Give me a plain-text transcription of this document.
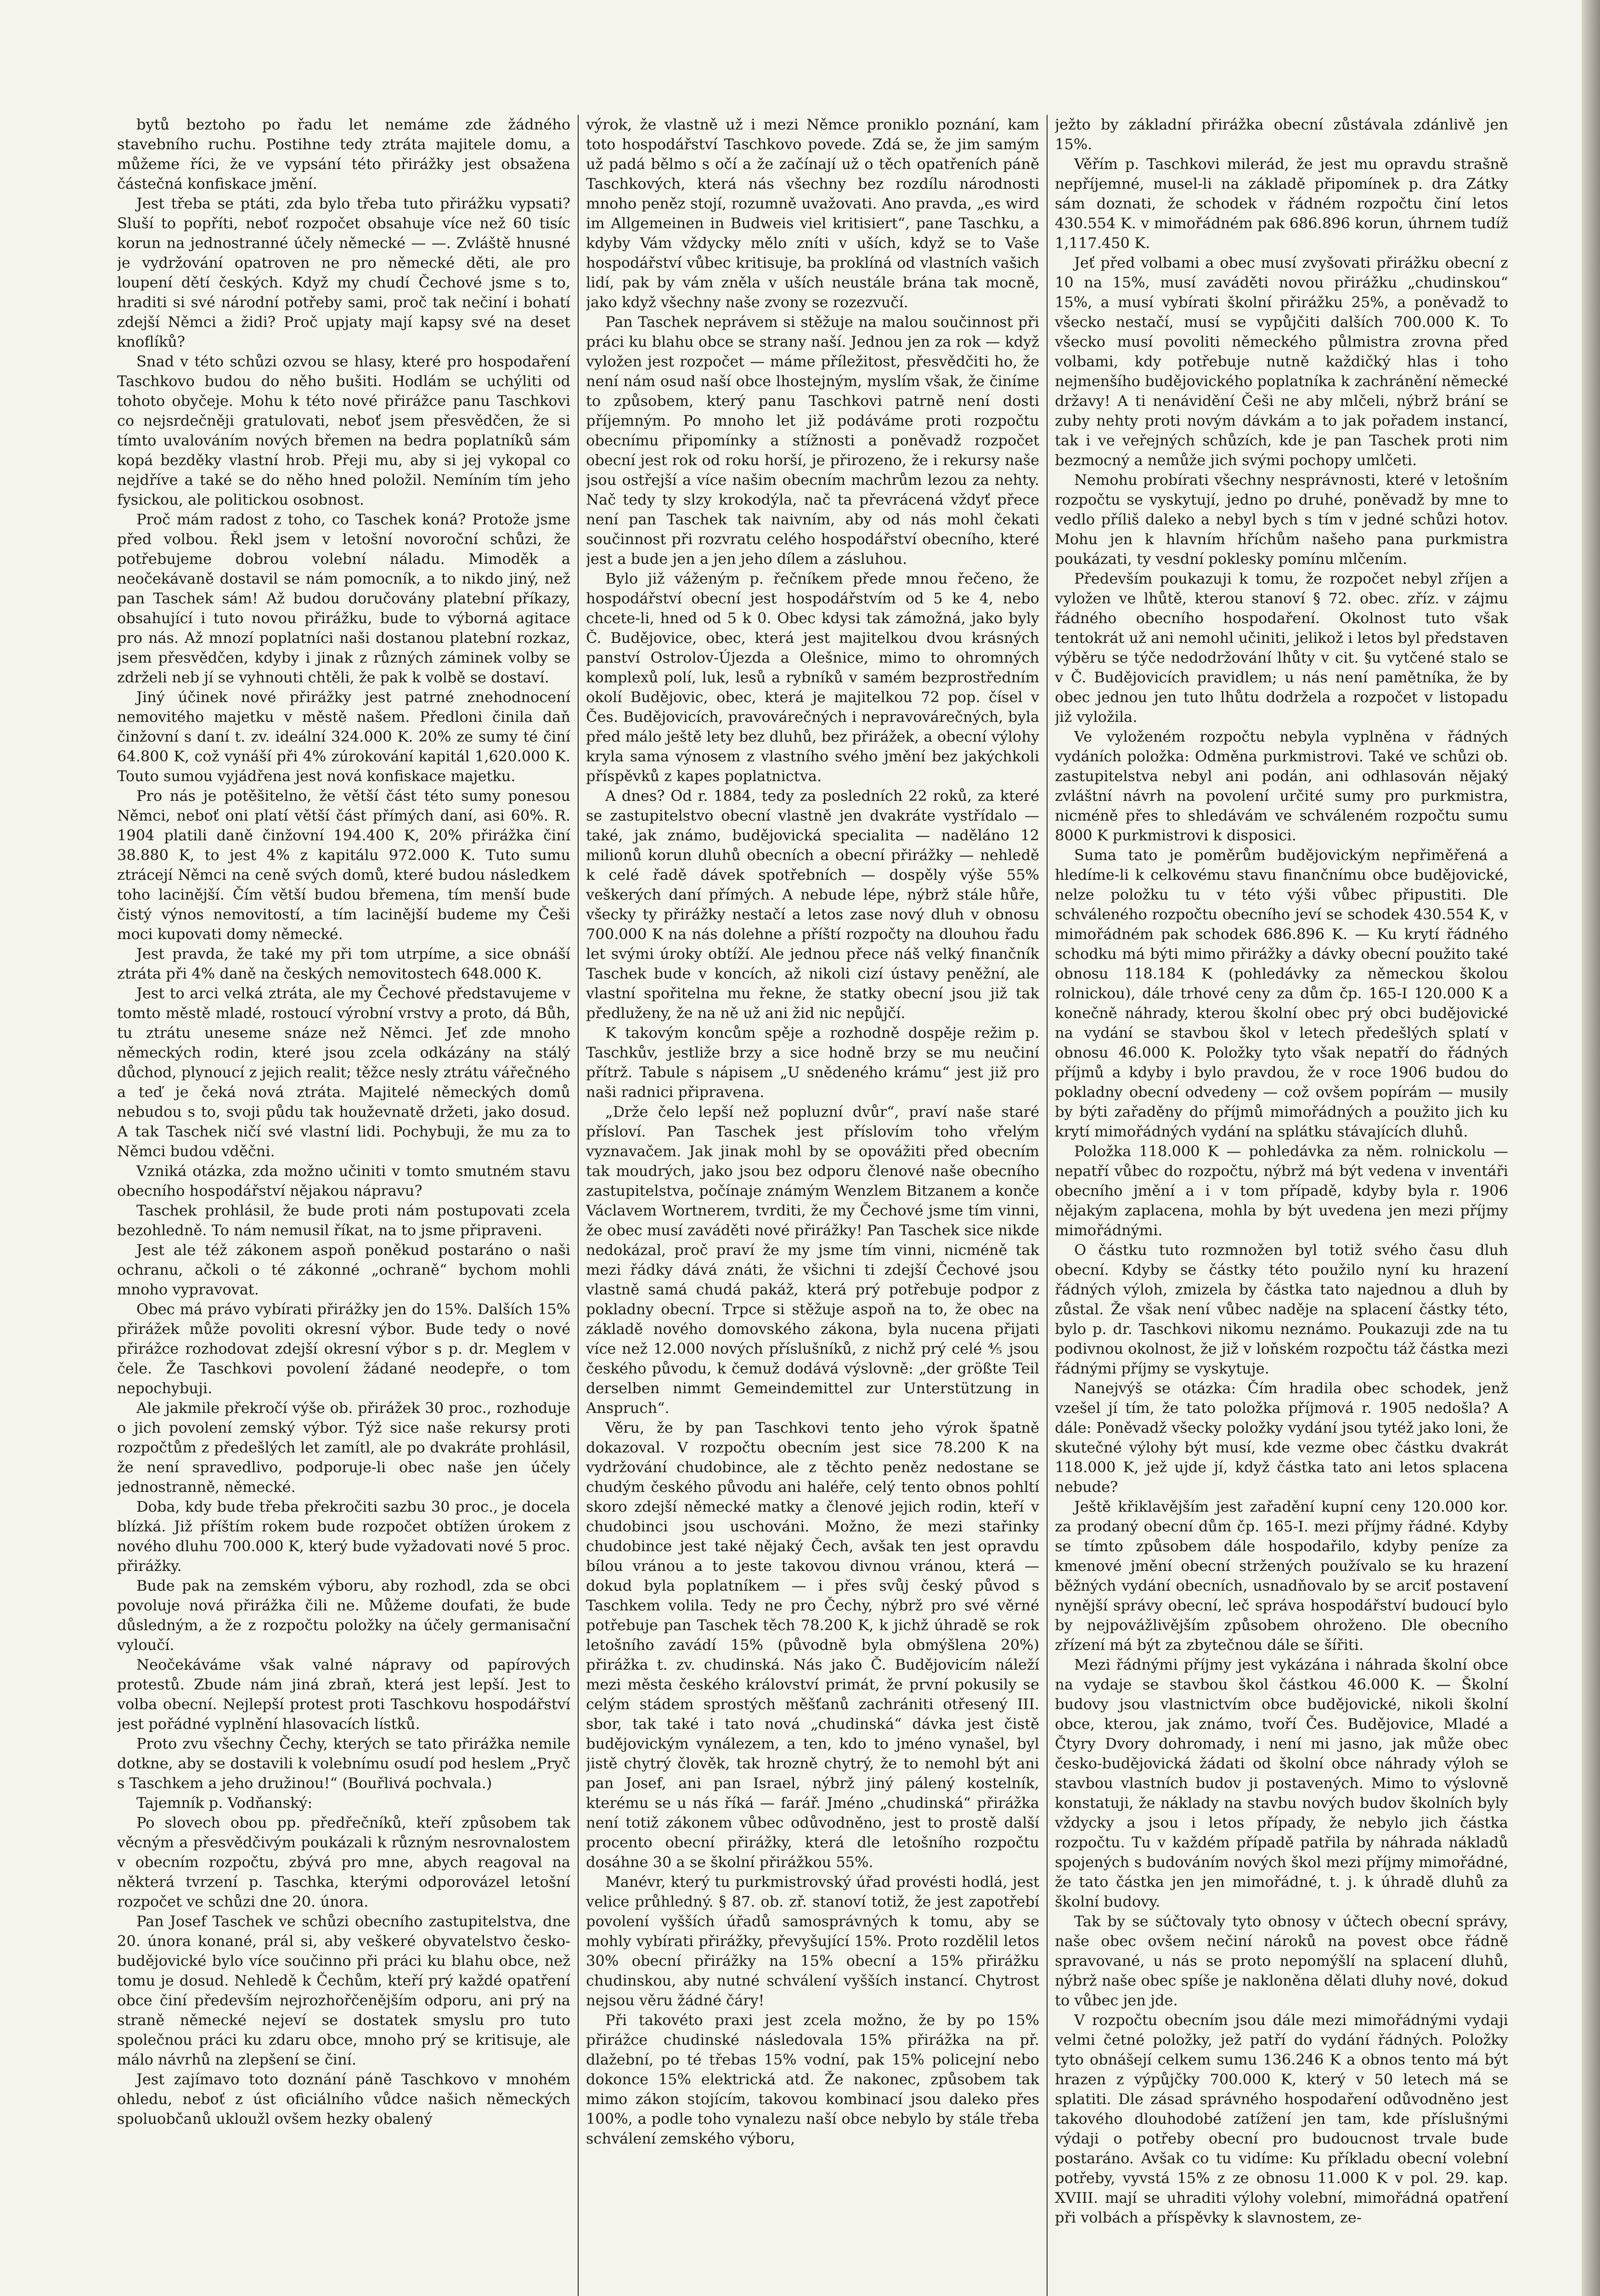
bytů beztoho po řadu let nemáme zde žádného stavebního ruchu. Postihne tedy ztráta majitele domu, a můžeme říci, že ve vypsání této přirážky jest obsažena částečná konfiskace jmění.

Jest třeba se ptáti, zda bylo třeba tuto přirážku vypsati? Sluší to popříti, neboť rozpočet obsahuje více než 60 tisíc korun na jednostranné účely německé — —. Zvláště hnusné je vydržování opatroven ne pro německé děti, ale pro loupení dětí českých. Když my chudí Čechové jsme s to, hraditi si své národní potřeby sami, proč tak nečiní i bohatí zdejší Němci a židi? Proč upjaty mají kapsy své na deset knoflíků?

Snad v této schůzi ozvou se hlasy, které pro hospodaření Taschkovo budou do něho bušiti. Hodlám se uchýliti od tohoto obyčeje. Mohu k této nové přirážce panu Taschkovi co nejsrdečněji gratulovati, neboť jsem přesvědčen, že si tímto uvalováním nových břemen na bedra poplatníků sám kopá bezděky vlastní hrob. Přeji mu, aby si jej vykopal co nejdříve a také se do něho hned položil. Nemíním tím jeho fysickou, ale politickou osobnost.

Proč mám radost z toho, co Taschek koná? Protože jsme před volbou. Řekl jsem v letošní novoroční schůzi, že potřebujeme dobrou volební náladu. Mimoděk a neočekávaně dostavil se nám pomocník, a to nikdo jiný, než pan Taschek sám! Až budou doručovány platební příkazy, obsahující i tuto novou přirážku, bude to výborná agitace pro nás. Až mnozí poplatníci naši dostanou platební rozkaz, jsem přesvědčen, kdyby i jinak z různých záminek volby se zdrželi neb jí se vyhnouti chtěli, že pak k volbě se dostaví.

Jiný účinek nové přirážky jest patrné znehodnocení nemovitého majetku v městě našem. Předloni činila daň činžovní s daní t. zv. ideální 324.000 K. 20% ze sumy té činí 64.800 K, což vynáší při 4% zúrokování kapitál 1,620.000 K. Touto sumou vyjádřena jest nová konfiskace majetku.

Pro nás je potěšitelno, že větší část této sumy ponesou Němci, neboť oni platí větší část přímých daní, asi 60%. R. 1904 platili daně činžovní 194.400 K, 20% přirážka činí 38.880 K, to jest 4% z kapitálu 972.000 K. Tuto sumu ztrácejí Němci na ceně svých domů, které budou následkem toho lacinější. Čím větší budou břemena, tím menší bude čistý výnos nemovitostí, a tím lacinější budeme my Češi moci kupovati domy německé.

Jest pravda, že také my při tom utrpíme, a sice obnáší ztráta při 4% daně na českých nemovitostech 648.000 K.

Jest to arci velká ztráta, ale my Čechové představujeme v tomto městě mladé, rostoucí výrobní vrstvy a proto, dá Bůh, tu ztrátu uneseme snáze než Němci. Jeť zde mnoho německých rodin, které jsou zcela odkázány na stálý důchod, plynoucí z jejich realit; těžce nesly ztrátu vářečného a teď je čeká nová ztráta. Majitelé německých domů nebudou s to, svoji půdu tak houževnatě držeti, jako dosud. A tak Taschek ničí své vlastní lidi. Pochybuji, že mu za to Němci budou vděčni.

Vzniká otázka, zda možno učiniti v tomto smutném stavu obecního hospodářství nějakou nápravu?

Taschek prohlásil, že bude proti nám postupovati zcela bezohledně. To nám nemusil říkat, na to jsme připraveni.

Jest ale též zákonem aspoň poněkud postaráno o naši ochranu, ačkoli o té zákonné „ochraně“ bychom mohli mnoho vypravovat.

Obec má právo vybírati přirážky jen do 15%. Dalších 15% přirážek může povoliti okresní výbor. Bude tedy o nové přirážce rozhodovat zdejší okresní výbor s p. dr. Meglem v čele. Že Taschkovi povolení žádané neodepře, o tom nepochybuji.

Ale jakmile překročí výše ob. přirážek 30 proc., rozhoduje o jich povolení zemský výbor. Týž sice naše rekursy proti rozpočtům z předešlých let zamítl, ale po dvakráte prohlásil, že není spravedlivo, podporuje-li obec naše jen účely jednostranně, německé.

Doba, kdy bude třeba překročiti sazbu 30 proc., je docela blízká. Již příštím rokem bude rozpočet obtížen úrokem z nového dluhu 700.000 K, který bude vyžadovati nové 5 proc. přirážky.

Bude pak na zemském výboru, aby rozhodl, zda se obci povoluje nová přirážka čili ne. Můžeme doufati, že bude důsledným, a že z rozpočtu položky na účely germanisační vyloučí.

Neočekáváme však valné nápravy od papírových protestů. Zbude nám jiná zbraň, která jest lepší. Jest to volba obecní. Nejlepší protest proti Taschkovu hospodářství jest pořádné vyplnění hlasovacích lístků.

Proto zvu všechny Čechy, kterých se tato přirážka nemile dotkne, aby se dostavili k volebnímu osudí pod heslem „Pryč s Taschkem a jeho družinou!“ (Bouřlivá pochvala.)

Tajemník p. Vodňanský:

Po slovech obou pp. předřečníků, kteří způsobem tak věcným a přesvědčivým poukázali k různým nesrovnalostem v obecním rozpočtu, zbývá pro mne, abych reagoval na některá tvrzení p. Taschka, kterými odporovázel letošní rozpočet ve schůzi dne 20. února.

Pan Josef Taschek ve schůzi obecního zastupitelstva, dne 20. února konané, prál si, aby veškeré obyvatelstvo česko-budějovické bylo více součinno při práci ku blahu obce, než tomu je dosud. Nehledě k Čechům, kteří prý každé opatření obce činí především nejrozhořčenějším odporu, ani prý na straně německé nejeví se dostatek smyslu pro tuto společnou práci ku zdaru obce, mnoho prý se kritisuje, ale málo návrhů na zlepšení se činí.

Jest zajímavo toto doznání páně Taschkovo v mnohém ohledu, neboť z úst oficiálního vůdce našich německých spoluobčanů ukloužl ovšem hezky obalený

výrok, že vlastně už i mezi Němce proniklo poznání, kam toto hospodářství Taschkovo povede. Zdá se, že jim samým už padá bělmo s očí a že začínají už o těch opatřeních páně Taschkových, která nás všechny bez rozdílu národnosti mnoho peněz stojí, rozumně uvažovati. Ano pravda, „es wird im Allgemeinen in Budweis viel kritisiert“, pane Taschku, a kdyby Vám vždycky mělo zníti v uších, když se to Vaše hospodářství vůbec kritisuje, ba proklíná od vlastních vašich lidí, pak by vám zněla v uších neustále brána tak mocně, jako když všechny naše zvony se rozezvučí.

Pan Taschek neprávem si stěžuje na malou součinnost při práci ku blahu obce se strany naší. Jednou jen za rok — když vyložen jest rozpočet — máme příležitost, přesvědčiti ho, že není nám osud naší obce lhostejným, myslím však, že činíme to způsobem, který panu Taschkovi patrně není dosti příjemným. Po mnoho let již podáváme proti rozpočtu obecnímu připomínky a stížnosti a poněvadž rozpočet obecní jest rok od roku horší, je přirozeno, že i rekursy naše jsou ostřejší a více našim obecním machrům lezou za nehty. Nač tedy ty slzy krokodýla, nač ta převrácená vždyť přece není pan Taschek tak naivním, aby od nás mohl čekati součinnost při rozvratu celého hospodářství obecního, které jest a bude jen a jen jeho dílem a zásluhou.

Bylo již váženým p. řečníkem přede mnou řečeno, že hospodářství obecní jest hospodářstvím od 5 ke 4, nebo chcete-li, hned od 5 k 0. Obec kdysi tak zámožná, jako byly Č. Budějovice, obec, která jest majitelkou dvou krásných panství Ostrolov-Újezda a Olešnice, mimo to ohromných komplexů polí, luk, lesů a rybníků v samém bezprostředním okolí Budějovic, obec, která je majitelkou 72 pop. čísel v Čes. Budějovicích, pravovárečných i nepravovárečných, byla před málo ještě lety bez dluhů, bez přirážek, a obecní výlohy kryla sama výnosem z vlastního svého jmění bez jakýchkoli příspěvků z kapes poplatnictva.

A dnes? Od r. 1884, tedy za posledních 22 roků, za které se zastupitelstvo obecní vlastně jen dvakráte vystřídalo — také, jak známo, budějovická specialita — naděláno 12 milionů korun dluhů obecních a obecní přirážky — nehledě k celé řadě dávek spotřebních — dospěly výše 55% veškerých daní přímých. A nebude lépe, nýbrž stále hůře, všecky ty přirážky nestačí a letos zase nový dluh v obnosu 700.000 K na nás dolehne a příští rozpočty na dlouhou řadu let svými úroky obtíží. Ale jednou přece náš velký finančník Taschek bude v koncích, až nikoli cizí ústavy peněžní, ale vlastní spořitelna mu řekne, že statky obecní jsou již tak předluženy, že na ně už ani žid nic nepůjčí.

K takovým koncům spěje a rozhodně dospěje režim p. Taschkův, jestliže brzy a sice hodně brzy se mu neučiní přítrž. Tabule s nápisem „U snědeného krámu“ jest již pro naši radnici připravena.

„Drže čelo lepší než popluzní dvůr“, praví naše staré přísloví. Pan Taschek jest příslovím toho vřelým vyznavačem. Jak jinak mohl by se opovážiti před obecním tak moudrých, jako jsou bez odporu členové naše obecního zastupitelstva, počínaje známým Wenzlem Bitzanem a konče Václavem Wortnerem, tvrditi, že my Čechové jsme tím vinni, že obec musí zaváděti nové přirážky! Pan Taschek sice nikde nedokázal, proč praví že my jsme tím vinni, nicméně tak mezi řádky dává znáti, že všichni ti zdejší Čechové jsou vlastně samá chudá pakáž, která prý potřebuje podpor z pokladny obecní. Trpce si stěžuje aspoň na to, že obec na základě nového domovského zákona, byla nucena přijati více než 12.000 nových příslušníků, z nichž prý celé ⅘ jsou českého původu, k čemuž dodává výslovně: „der größte Teil derselben nimmt Gemeindemittel zur Unterstützung in Anspruch“.

Věru, že by pan Taschkovi tento jeho výrok špatně dokazoval. V rozpočtu obecním jest sice 78.200 K na vydržování chudobince, ale z těchto peněz nedostane se chudým českého původu ani haléře, celý tento obnos pohltí skoro zdejší německé matky a členové jejich rodin, kteří v chudobinci jsou uschováni. Možno, že mezi stařinky chudobince jest také nějaký Čech, avšak ten jest opravdu bílou vránou a to jeste takovou divnou vránou, která — dokud byla poplatníkem — i přes svůj český původ s Taschkem volila. Tedy ne pro Čechy, nýbrž pro své věrné potřebuje pan Taschek těch 78.200 K, k jichž úhradě se rok letošního zavádí 15% (původně byla obmýšlena 20%) přirážka t. zv. chudinská. Nás jako Č. Budějovicím náleží mezi města českého království primát, že první pokusily se celým stádem sprostých měšťanů zachrániti otřesený III. sbor, tak také i tato nová „chudinská“ dávka jest čistě budějovickým vynálezem, a ten, kdo to jméno vynašel, byl jistě chytrý člověk, tak hrozně chytrý, že to nemohl být ani pan Josef, ani pan Israel, nýbrž jiný pálený kostelník, kterému se u nás říká — farář. Jméno „chudinská“ přirážka není totiž zákonem vůbec odůvodněno, jest to prostě další procento obecní přirážky, která dle letošního rozpočtu dosáhne 30 a se školní přirážkou 55%.

Manévr, který tu purkmistrovský úřad provésti hodlá, jest velice průhledný. § 87. ob. zř. stanoví totiž, že jest zapotřebí povolení vyšších úřadů samosprávných k tomu, aby se mohly vybírati přirážky, převyšující 15%. Proto rozdělil letos 30% obecní přirážky na 15% obecní a 15% přirážku chudinskou, aby nutné schválení vyšších instancí. Chytrost nejsou věru žádné čáry!

Při takovéto praxi jest zcela možno, že by po 15% přirážce chudinské následovala 15% přirážka na př. dlažební, po té třebas 15% vodní, pak 15% policejní nebo dokonce 15% elektrická atd. Že nakonec, způsobem tak mimo zákon stojícím, takovou kombinací jsou daleko přes 100%, a podle toho vynalezu naší obce nebylo by stále třeba schválení zemského výboru,

ježto by základní přirážka obecní zůstávala zdánlivě jen 15%.

Věřím p. Taschkovi milerád, že jest mu opravdu strašně nepříjemné, musel-li na základě připomínek p. dra Zátky sám doznati, že schodek v řádném rozpočtu činí letos 430.554 K. v mimořádném pak 686.896 korun, úhrnem tudíž 1,117.450 K.

Jeť před volbami a obec musí zvyšovati přirážku obecní z 10 na 15%, musí zaváděti novou přirážku „chudinskou“ 15%, a musí vybírati školní přirážku 25%, a poněvadž to všecko nestačí, musí se vypůjčiti dalších 700.000 K. To všecko musí povoliti německého půlmistra zrovna před volbami, kdy potřebuje nutně každičký hlas i toho nejmenšího budějovického poplatníka k zachránění německé državy! A ti nenávidění Češi ne aby mlčeli, nýbrž brání se zuby nehty proti novým dávkám a to jak pořadem instancí, tak i ve veřejných schůzích, kde je pan Taschek proti nim bezmocný a nemůže jich svými pochopy umlčeti.

Nemohu probírati všechny nesprávnosti, které v letošním rozpočtu se vyskytují, jedno po druhé, poněvadž by mne to vedlo příliš daleko a nebyl bych s tím v jedné schůzi hotov. Mohu jen k hlavním hříchům našeho pana purkmistra poukázati, ty vesdní poklesky pomínu mlčením.

Především poukazuji k tomu, že rozpočet nebyl zříjen a vyložen ve lhůtě, kterou stanoví § 72. obec. zříz. v zájmu řádného obecního hospodaření. Okolnost tuto však tentokrát už ani nemohl učiniti, jelikož i letos byl představen výběru se týče nedodržování lhůty v cit. §u vytčené stalo se v Č. Budějovicích pravidlem; u nás není pamětníka, že by obec jednou jen tuto lhůtu dodržela a rozpočet v listopadu již vyložila.

Ve vyloženém rozpočtu nebyla vyplněna v řádných vydáních položka: Odměna purkmistrovi. Také ve schůzi ob. zastupitelstva nebyl ani podán, ani odhlasován nějaký zvláštní návrh na povolení určité sumy pro purkmistra, nicméně přes to shledávám ve schváleném rozpočtu sumu 8000 K purkmistrovi k disposici.

Suma tato je poměrům budějovickým nepřiměřená a hledíme-li k celkovému stavu finančnímu obce budějovické, nelze položku tu v této výši vůbec připustiti. Dle schváleného rozpočtu obecního jeví se schodek 430.554 K, v mimořádném pak schodek 686.896 K. — Ku krytí řádného schodku má býti mimo přirážky a dávky obecní použito také obnosu 118.184 K (pohledávky za německou školou rolnickou), dále trhové ceny za dům čp. 165-I 120.000 K a konečně náhrady, kterou školní obec prý obci budějovické na vydání se stavbou škol v letech předešlých splatí v obnosu 46.000 K. Položky tyto však nepatří do řádných příjmů a kdyby i bylo pravdou, že v roce 1906 budou do pokladny obecní odvedeny — což ovšem popírám — musily by býti zařaděny do příjmů mimořádných a použito jich ku krytí mimořádných vydání na splátku stávajících dluhů.

Položka 118.000 K — pohledávka za něm. rolnickolu — nepatří vůbec do rozpočtu, nýbrž má být vedena v inventáři obecního jmění a i v tom případě, kdyby byla r. 1906 nějakým zaplacena, mohla by být uvedena jen mezi příjmy mimořádnými.

O částku tuto rozmnožen byl totiž svého času dluh obecní. Kdyby se částky této použilo nyní ku hrazení řádných výloh, zmizela by částka tato najednou a dluh by zůstal. Že však není vůbec naděje na splacení částky této, bylo p. dr. Taschkovi nikomu neznámo. Poukazuji zde na tu podivnou okolnost, že již v loňském rozpočtu táž částka mezi řádnými příjmy se vyskytuje.

Nanejvýš se otázka: Čím hradila obec schodek, jenž vzešel jí tím, že tato položka příjmová r. 1905 nedošla? A dále: Poněvadž všecky položky vydání jsou tytéž jako loni, že skutečné výlohy být musí, kde vezme obec částku dvakrát 118.000 K, jež ujde jí, když částka tato ani letos splacena nebude?

Ještě křiklavějším jest zařadění kupní ceny 120.000 kor. za prodaný obecní dům čp. 165-I. mezi příjmy řádné. Kdyby se tímto způsobem dále hospodařilo, kdyby peníze za kmenové jmění obecní stržených používalo se ku hrazení běžných vydání obecních, usnadňovalo by se arciť postavení nynější správy obecní, leč správa hospodářství budoucí bylo by nejpovážlivějším způsobem ohroženo. Dle obecního zřízení má být za zbytečnou dále se šířiti.

Mezi řádnými příjmy jest vykázána i náhrada školní obce na vydaje se stavbou škol částkou 46.000 K. — Školní budovy jsou vlastnictvím obce budějovické, nikoli školní obce, kterou, jak známo, tvoří Čes. Budějovice, Mladé a Čtyry Dvory dohromady, i není mi jasno, jak může obec česko-budějovická žádati od školní obce náhrady výloh se stavbou vlastních budov ji postavených. Mimo to výslovně konstatuji, že náklady na stavbu nových budov školních byly vždycky a jsou i letos případy, že nebylo jich částka rozpočtu. Tu v každém případě patřila by náhrada nákladů spojených s budováním nových škol mezi příjmy mimořádné, že tato částka jen jen mimořádné, t. j. k úhradě dluhů za školní budovy.

Tak by se súčtovaly tyto obnosy v účtech obecní správy, naše obec ovšem nečiní nároků na povest obce řádně spravované, u nás se proto nepomýšlí na splacení dluhů, nýbrž naše obec spíše je nakloněna dělati dluhy nové, dokud to vůbec jen jde.

V rozpočtu obecním jsou dále mezi mimořádnými vydaji velmi četné položky, jež patří do vydání řádných. Položky tyto obnášejí celkem sumu 136.246 K a obnos tento má být hrazen z výpůjčky 700.000 K, který v 50 letech má se splatiti. Dle zásad správného hospodaření odůvodněno jest takového dlouhodobé zatížení jen tam, kde příslušnými výdaji o potřeby obecní pro budoucnost trvale bude postaráno. Avšak co tu vidíme: Ku příkladu obecní volební potřeby, vyvstá 15% z ze obnosu 11.000 K v pol. 29. kap. XVIII. mají se uhraditi výlohy volební, mimořádná opatření při volbách a příspěvky k slavnostem, ze-
